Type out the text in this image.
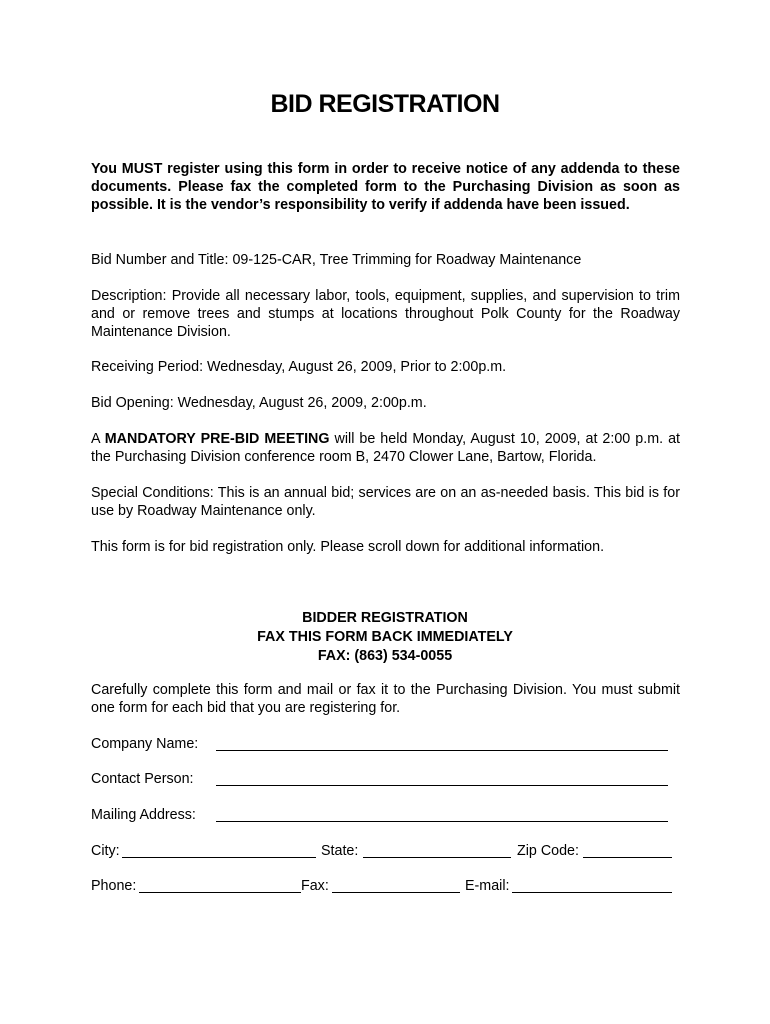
BID REGISTRATION

You MUST register using this form in order to receive notice of any addenda to these documents. Please fax the completed form to the Purchasing Division as soon as possible. It is the vendor’s responsibility to verify if addenda have been issued.

Bid Number and Title: 09-125-CAR, Tree Trimming for Roadway Maintenance

Description: Provide all necessary labor, tools, equipment, supplies, and supervision to trim and or remove trees and stumps at locations throughout Polk County for the Roadway Maintenance Division.

Receiving Period: Wednesday, August 26, 2009, Prior to 2:00p.m.

Bid Opening: Wednesday, August 26, 2009, 2:00p.m.

A MANDATORY PRE-BID MEETING will be held Monday, August 10, 2009, at 2:00 p.m. at the Purchasing Division conference room B, 2470 Clower Lane, Bartow, Florida.

Special Conditions: This is an annual bid; services are on an as-needed basis. This bid is for use by Roadway Maintenance only.

This form is for bid registration only. Please scroll down for additional information.

BIDDER REGISTRATION
FAX THIS FORM BACK IMMEDIATELY
FAX: (863) 534-0055

Carefully complete this form and mail or fax it to the Purchasing Division. You must submit one form for each bid that you are registering for.

Company Name:
Contact Person:
Mailing Address:
City:	State:	Zip Code:
Phone:	Fax:	E-mail:
